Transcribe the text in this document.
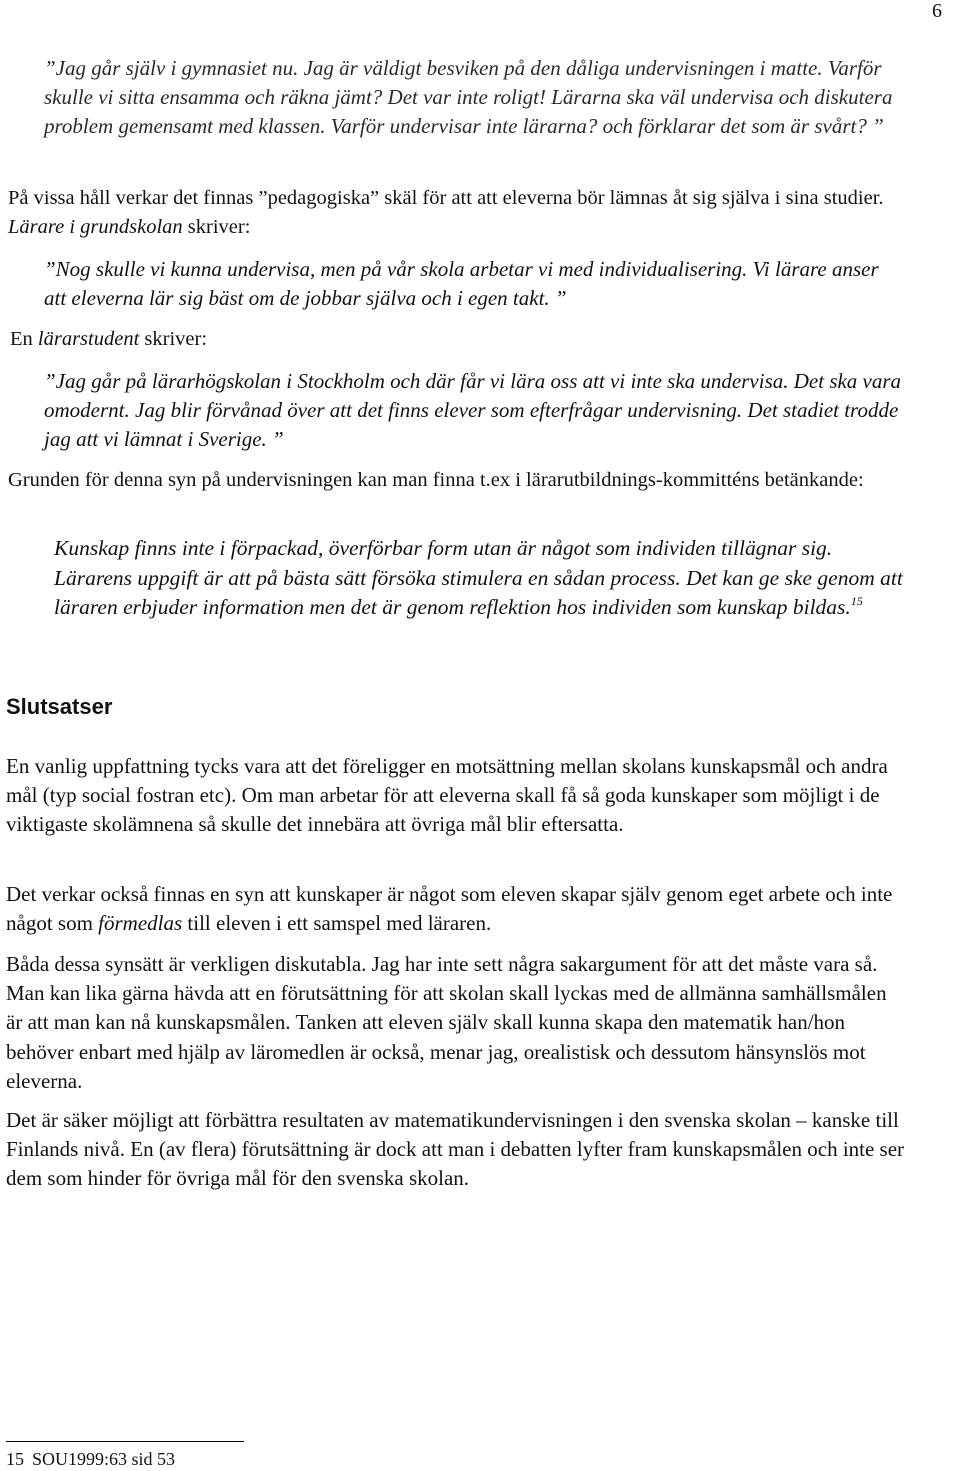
6
”Jag går själv i gymnasiet nu. Jag är väldigt besviken på den dåliga undervisningen i matte. Varför skulle vi sitta ensamma och räkna jämt? Det var inte roligt! Lärarna ska väl undervisa och diskutera problem gemensamt med klassen. Varför undervisar inte lärarna? och förklarar det som är svårt? ”
På vissa håll verkar det finnas ”pedagogiska” skäl för att att eleverna bör lämnas åt sig själva i sina studier. Lärare i grundskolan skriver:
”Nog skulle vi kunna undervisa, men på vår skola arbetar vi med individualisering. Vi lärare anser att eleverna lär sig bäst om de jobbar själva och i egen takt. ”
En lärarstudent skriver:
”Jag går på lärarhögskolan i Stockholm och där får vi lära oss att vi inte ska undervisa. Det ska vara omodernt. Jag blir förvånad över att det finns elever som efterfrågar undervisning. Det stadiet trodde jag att vi lämnat i Sverige. ”
Grunden för denna syn på undervisningen kan man finna t.ex i lärarutbildnings-kommitténs betänkande:
Kunskap finns inte i förpackad, överförbar form utan är något som individen tillägnar sig. Lärarens uppgift är att på bästa sätt försöka stimulera en sådan process. Det kan ge ske genom att läraren erbjuder information men det är genom reflektion hos individen som kunskap bildas.$^{15}$
Slutsatser
En vanlig uppfattning tycks vara att det föreligger en motsättning mellan skolans kunskapsmål och andra mål (typ social fostran etc). Om man arbetar för att eleverna skall få så goda kunskaper som möjligt i de viktigaste skolämnena så skulle det innebära att övriga mål blir eftersatta.
Det verkar också finnas en syn att kunskaper är något som eleven skapar själv genom eget arbete och inte något som förmedlas till eleven i ett samspel med läraren.
Båda dessa synsätt är verkligen diskutabla. Jag har inte sett några sakargument för att det måste vara så. Man kan lika gärna hävda att en förutsättning för att skolan skall lyckas med de allmänna samhällsmålen är att man kan nå kunskapsmålen. Tanken att eleven själv skall kunna skapa den matematik han/hon behöver enbart med hjälp av läromedlen är också, menar jag, orealistisk och dessutom hänsynslös mot eleverna.
Det är säker möjligt att förbättra resultaten av matematikundervisningen i den svenska skolan – kanske till Finlands nivå. En (av flera) förutsättning är dock att man i debatten lyfter fram kunskapsmålen och inte ser dem som hinder för övriga mål för den svenska skolan.
15 SOU1999:63 sid 53
